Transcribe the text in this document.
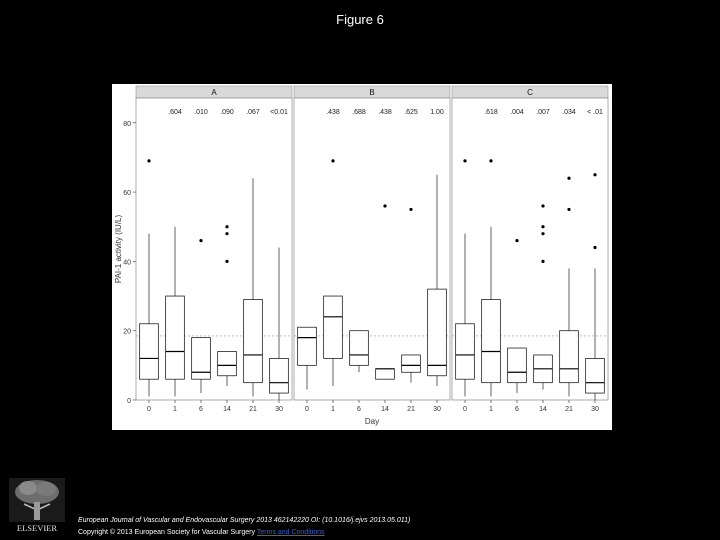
Figure 6
PAI-1 activity (IU/L)
0
20
40
60
80
A
0	1
.604
6
.010
14
.090
21
.067
30
<0.01
B
0	1
.438
6
.688
14
.438
21
.625
30
1.00
C
0	1
.618
6
.004
14
.007
21
.034
30
< .01
Day
ELSEVIER
European Journal of Vascular and Endovascular Surgery 2013 462142220 OI: (10.1016/j.ejvs 2013.05.011)
Copyright © 2013 European Society for Vascular Surgery Terms and Conditions
